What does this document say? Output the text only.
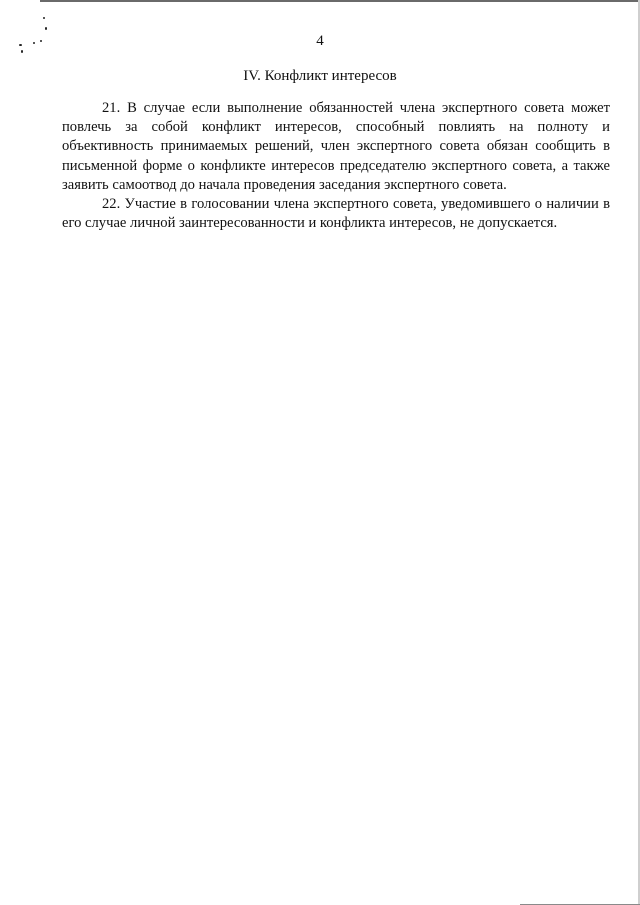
4
IV. Конфликт интересов

21. В случае если выполнение обязанностей члена экспертного совета может повлечь за собой конфликт интересов, способный повлиять на полноту и объективность принимаемых решений, член экспертного совета обязан сообщить в письменной форме о конфликте интересов председателю экспертного совета, а также заявить самоотвод до начала проведения заседания экспертного совета.

22. Участие в голосовании члена экспертного совета, уведомившего о наличии в его случае личной заинтересованности и конфликта интересов, не допускается.
